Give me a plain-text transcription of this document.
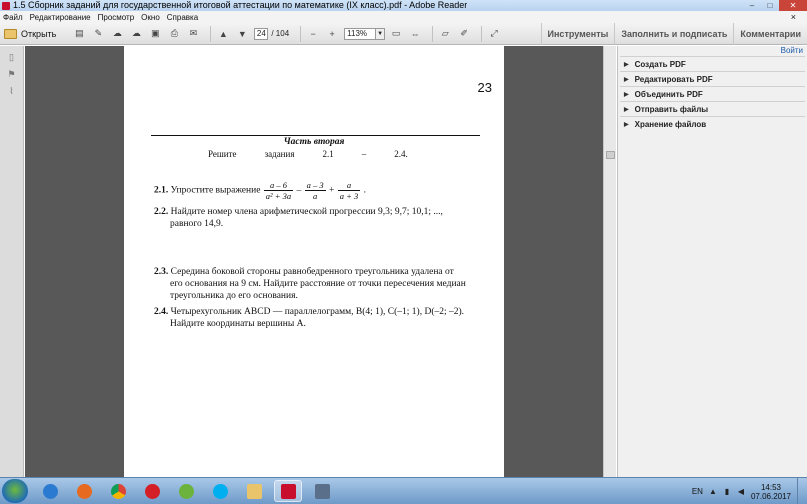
1.5 Сборник заданий для государственной итоговой аттестации по математике (IX класс).pdf - Adobe Reader	–	□	✕
Файл Редактирование Просмотр Окно Справка	×
Открыть	▤	✎	☁ ☁	▣	⎙	✉	▲ ▼	24 / 104	−	+	113%	▼ ▭	⇔	▱	✐	⤢	Инструменты	Заполнить и подписать	Комментарии
▯
⚑
⌇	23
Часть вторая
Решите	задания	2.1	–	2.4.
2.1. Упростите выражение $\frac{a - 6}{\text{a² + 3a}} - \frac{a - 3}{a} + \frac{a}{a + 3}$ .
2.2. Найдите номер члена арифметической прогрессии 9,3; 9,7; 10,1; ...,
равного 14,9.
2.3. Середина боковой стороны равнобедренного треугольника удалена от
его основания на 9 см. Найдите расстояние от точки пересечения медиан
треугольника до его основания.
2.4. Четырехугольник ABCD — параллелограмм, B(4; 1), C(–1; 1), D(–2; –2).
Найдите координаты вершины A.
Войти
▶ Создать PDF
▶ Редактировать PDF
▶ Объединить PDF
▶ Отправить файлы
▶ Хранение файлов
EN ▲ ▮ ◀	14:53
07.06.2017
